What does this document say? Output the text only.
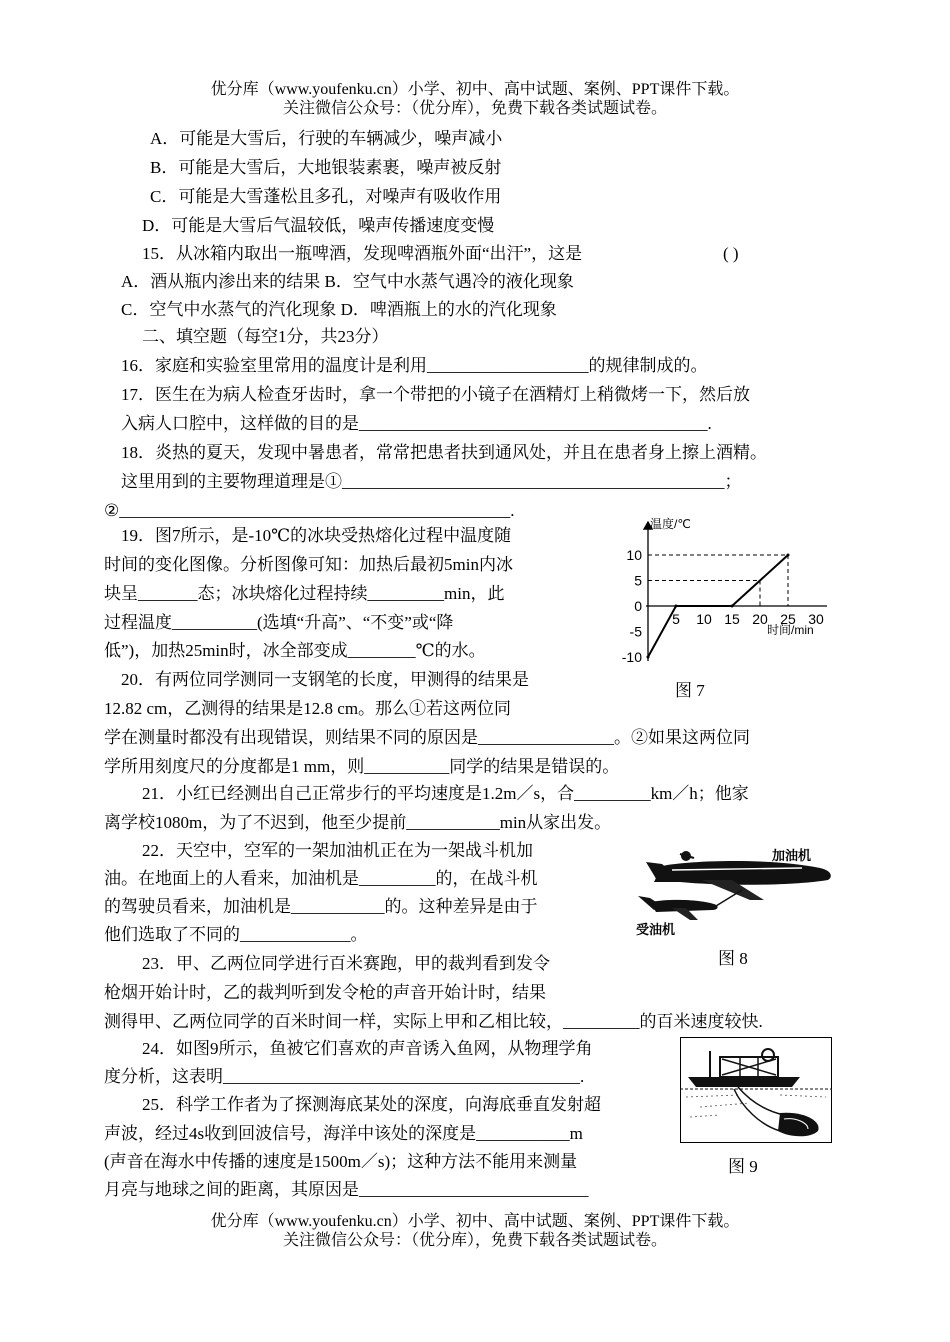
优分库（www.youfenku.cn）小学、初中、高中试题、案例、PPT课件下载。
关注微信公众号：（优分库），免费下载各类试题试卷。
A．可能是大雪后，行驶的车辆减少，噪声减小
B．可能是大雪后，大地银装素裹，噪声被反射
C．可能是大雪蓬松且多孔，对噪声有吸收作用
D．可能是大雪后气温较低，噪声传播速度变慢
15．从冰箱内取出一瓶啤酒，发现啤酒瓶外面“出汗”，这是	( )
A．酒从瓶内渗出来的结果 B．空气中水蒸气遇冷的液化现象
C．空气中水蒸气的汽化现象 D．啤酒瓶上的水的汽化现象
二、填空题（每空1分，共23分）
16．家庭和实验室里常用的温度计是利用___________________的规律制成的。
17．医生在为病人检查牙齿时，拿一个带把的小镜子在酒精灯上稍微烤一下，然后放
入病人口腔中，这样做的目的是_________________________________________.
18．炎热的夏天，发现中暑患者，常常把患者扶到通风处，并且在患者身上擦上酒精。
这里用到的主要物理道理是①_____________________________________________；
②______________________________________________.
19．图7所示，是-10℃的冰块受热熔化过程中温度随
时间的变化图像。分析图像可知：加热后最初5min内冰
块呈_______态；冰块熔化过程持续_________min，此
过程温度__________(选填“升高”、“不变”或“降
低”)，加热25min时，冰全部变成________℃的水。
20．有两位同学测同一支钢笔的长度，甲测得的结果是
12.82 cm，乙测得的结果是12.8 cm。那么①若这两位同
学在测量时都没有出现错误，则结果不同的原因是________________。②如果这两位同
学所用刻度尺的分度都是1 mm，则__________同学的结果是错误的。
21．小红已经测出自己正常步行的平均速度是1.2m／s，合_________km／h；他家
离学校1080m，为了不迟到，他至少提前___________min从家出发。
22．天空中，空军的一架加油机正在为一架战斗机加
油。在地面上的人看来，加油机是_________的，在战斗机
的驾驶员看来，加油机是___________的。这种差异是由于
他们选取了不同的_____________。
23．甲、乙两位同学进行百米赛跑，甲的裁判看到发令
枪烟开始计时，乙的裁判听到发令枪的声音开始计时，结果
测得甲、乙两位同学的百米时间一样，实际上甲和乙相比较，_________的百米速度较快.
24．如图9所示，鱼被它们喜欢的声音诱入鱼网，从物理学角
度分析，这表明__________________________________________.
25．科学工作者为了探测海底某处的深度，向海底垂直发射超
声波，经过4s收到回波信号，海洋中该处的深度是___________m
(声音在海水中传播的速度是1500m／s)；这种方法不能用来测量
月亮与地球之间的距离，其原因是___________________________
温度/℃
时间/min
10
5
0
-5
-10
5 10 15 20 25 30
图 7
加油机
受油机
图 8
图 9
优分库（www.youfenku.cn）小学、初中、高中试题、案例、PPT课件下载。
关注微信公众号：（优分库），免费下载各类试题试卷。
